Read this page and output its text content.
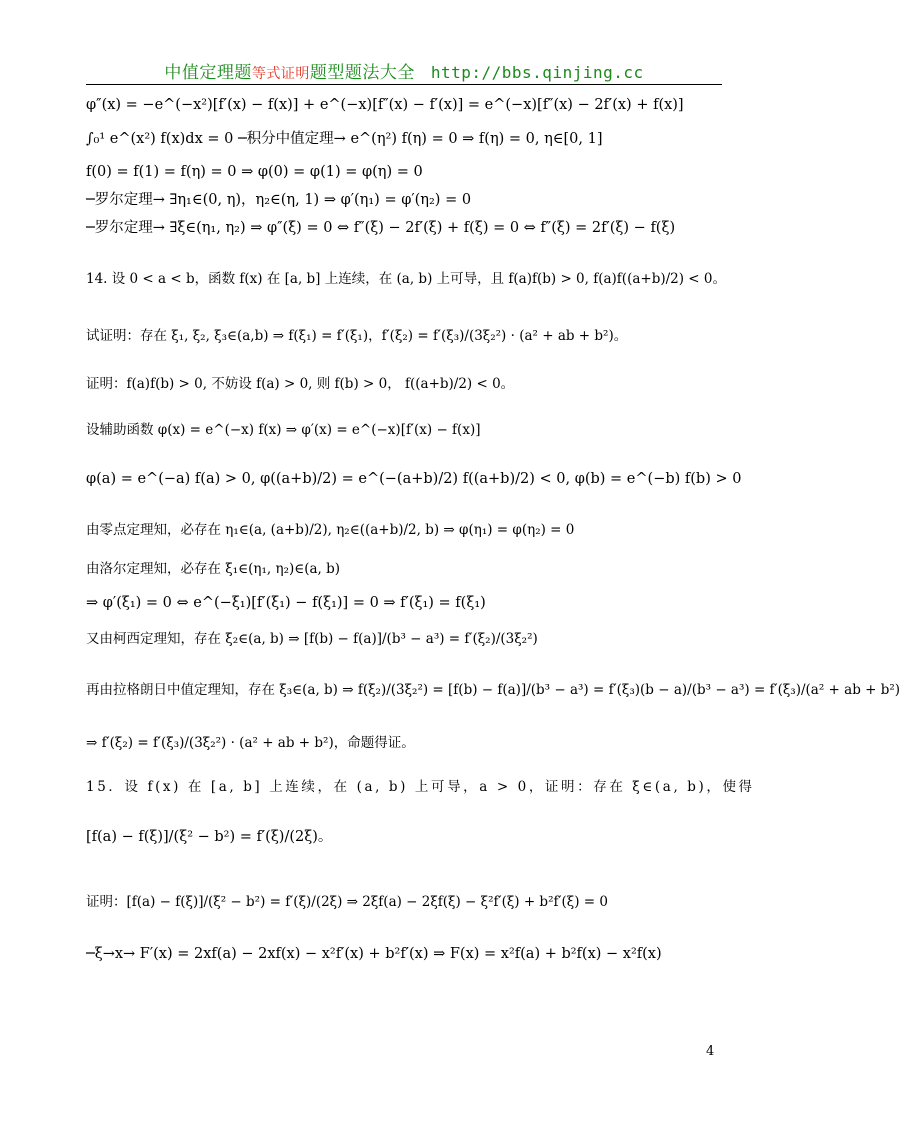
中值定理题等式证明题型题法大全 http://bbs.qinjing.cc
φ″(x) = −e^(−x²)[f′(x) − f(x)] + e^(−x)[f″(x) − f′(x)] = e^(−x)[f″(x) − 2f′(x) + f(x)]
∫₀¹ e^(x²) f(x)dx = 0 ─积分中值定理→ e^(η²) f(η) = 0 ⇒ f(η) = 0, η∈[0, 1]
f(0) = f(1) = f(η) = 0 ⇒ φ(0) = φ(1) = φ(η) = 0
─罗尔定理→ ∃η₁∈(0, η)，η₂∈(η, 1) ⇒ φ′(η₁) = φ′(η₂) = 0
─罗尔定理→ ∃ξ∈(η₁, η₂) ⇒ φ″(ξ) = 0 ⇔ f″(ξ) − 2f′(ξ) + f(ξ) = 0 ⇔ f″(ξ) = 2f′(ξ) − f(ξ)
14. 设 0 < a < b，函数 f(x) 在 [a, b] 上连续，在 (a, b) 上可导，且 f(a)f(b) > 0, f(a)f((a+b)/2) < 0。
试证明：存在 ξ₁, ξ₂, ξ₃∈(a,b) ⇒ f(ξ₁) = f′(ξ₁)，f′(ξ₂) = f′(ξ₃)/(3ξ₂²) · (a² + ab + b²)。
证明：f(a)f(b) > 0, 不妨设 f(a) > 0, 则 f(b) > 0， f((a+b)/2) < 0。
设辅助函数 φ(x) = e^(−x) f(x) ⇒ φ′(x) = e^(−x)[f′(x) − f(x)]
φ(a) = e^(−a) f(a) > 0, φ((a+b)/2) = e^(−(a+b)/2) f((a+b)/2) < 0, φ(b) = e^(−b) f(b) > 0
由零点定理知，必存在 η₁∈(a, (a+b)/2), η₂∈((a+b)/2, b) ⇒ φ(η₁) = φ(η₂) = 0
由洛尔定理知，必存在 ξ₁∈(η₁, η₂)∈(a, b)
⇒ φ′(ξ₁) = 0 ⇔ e^(−ξ₁)[f′(ξ₁) − f(ξ₁)] = 0 ⇒ f′(ξ₁) = f(ξ₁)
又由柯西定理知，存在 ξ₂∈(a, b) ⇒ [f(b) − f(a)]/(b³ − a³) = f′(ξ₂)/(3ξ₂²)
再由拉格朗日中值定理知，存在 ξ₃∈(a, b) ⇒ f(ξ₂)/(3ξ₂²) = [f(b) − f(a)]/(b³ − a³) = f′(ξ₃)(b − a)/(b³ − a³) = f′(ξ₃)/(a² + ab + b²)
⇒ f′(ξ₂) = f′(ξ₃)/(3ξ₂²) · (a² + ab + b²)，命题得证。
15．设 f(x) 在 [a, b] 上连续，在 (a, b) 上可导，a > 0，证明：存在 ξ∈(a, b)，使得
[f(a) − f(ξ)]/(ξ² − b²) = f′(ξ)/(2ξ)。
证明：[f(a) − f(ξ)]/(ξ² − b²) = f′(ξ)/(2ξ) ⇒ 2ξf(a) − 2ξf(ξ) − ξ²f′(ξ) + b²f′(ξ) = 0
─ξ→x→ F′(x) = 2xf(a) − 2xf(x) − x²f′(x) + b²f′(x) ⇒ F(x) = x²f(a) + b²f(x) − x²f(x)
4
